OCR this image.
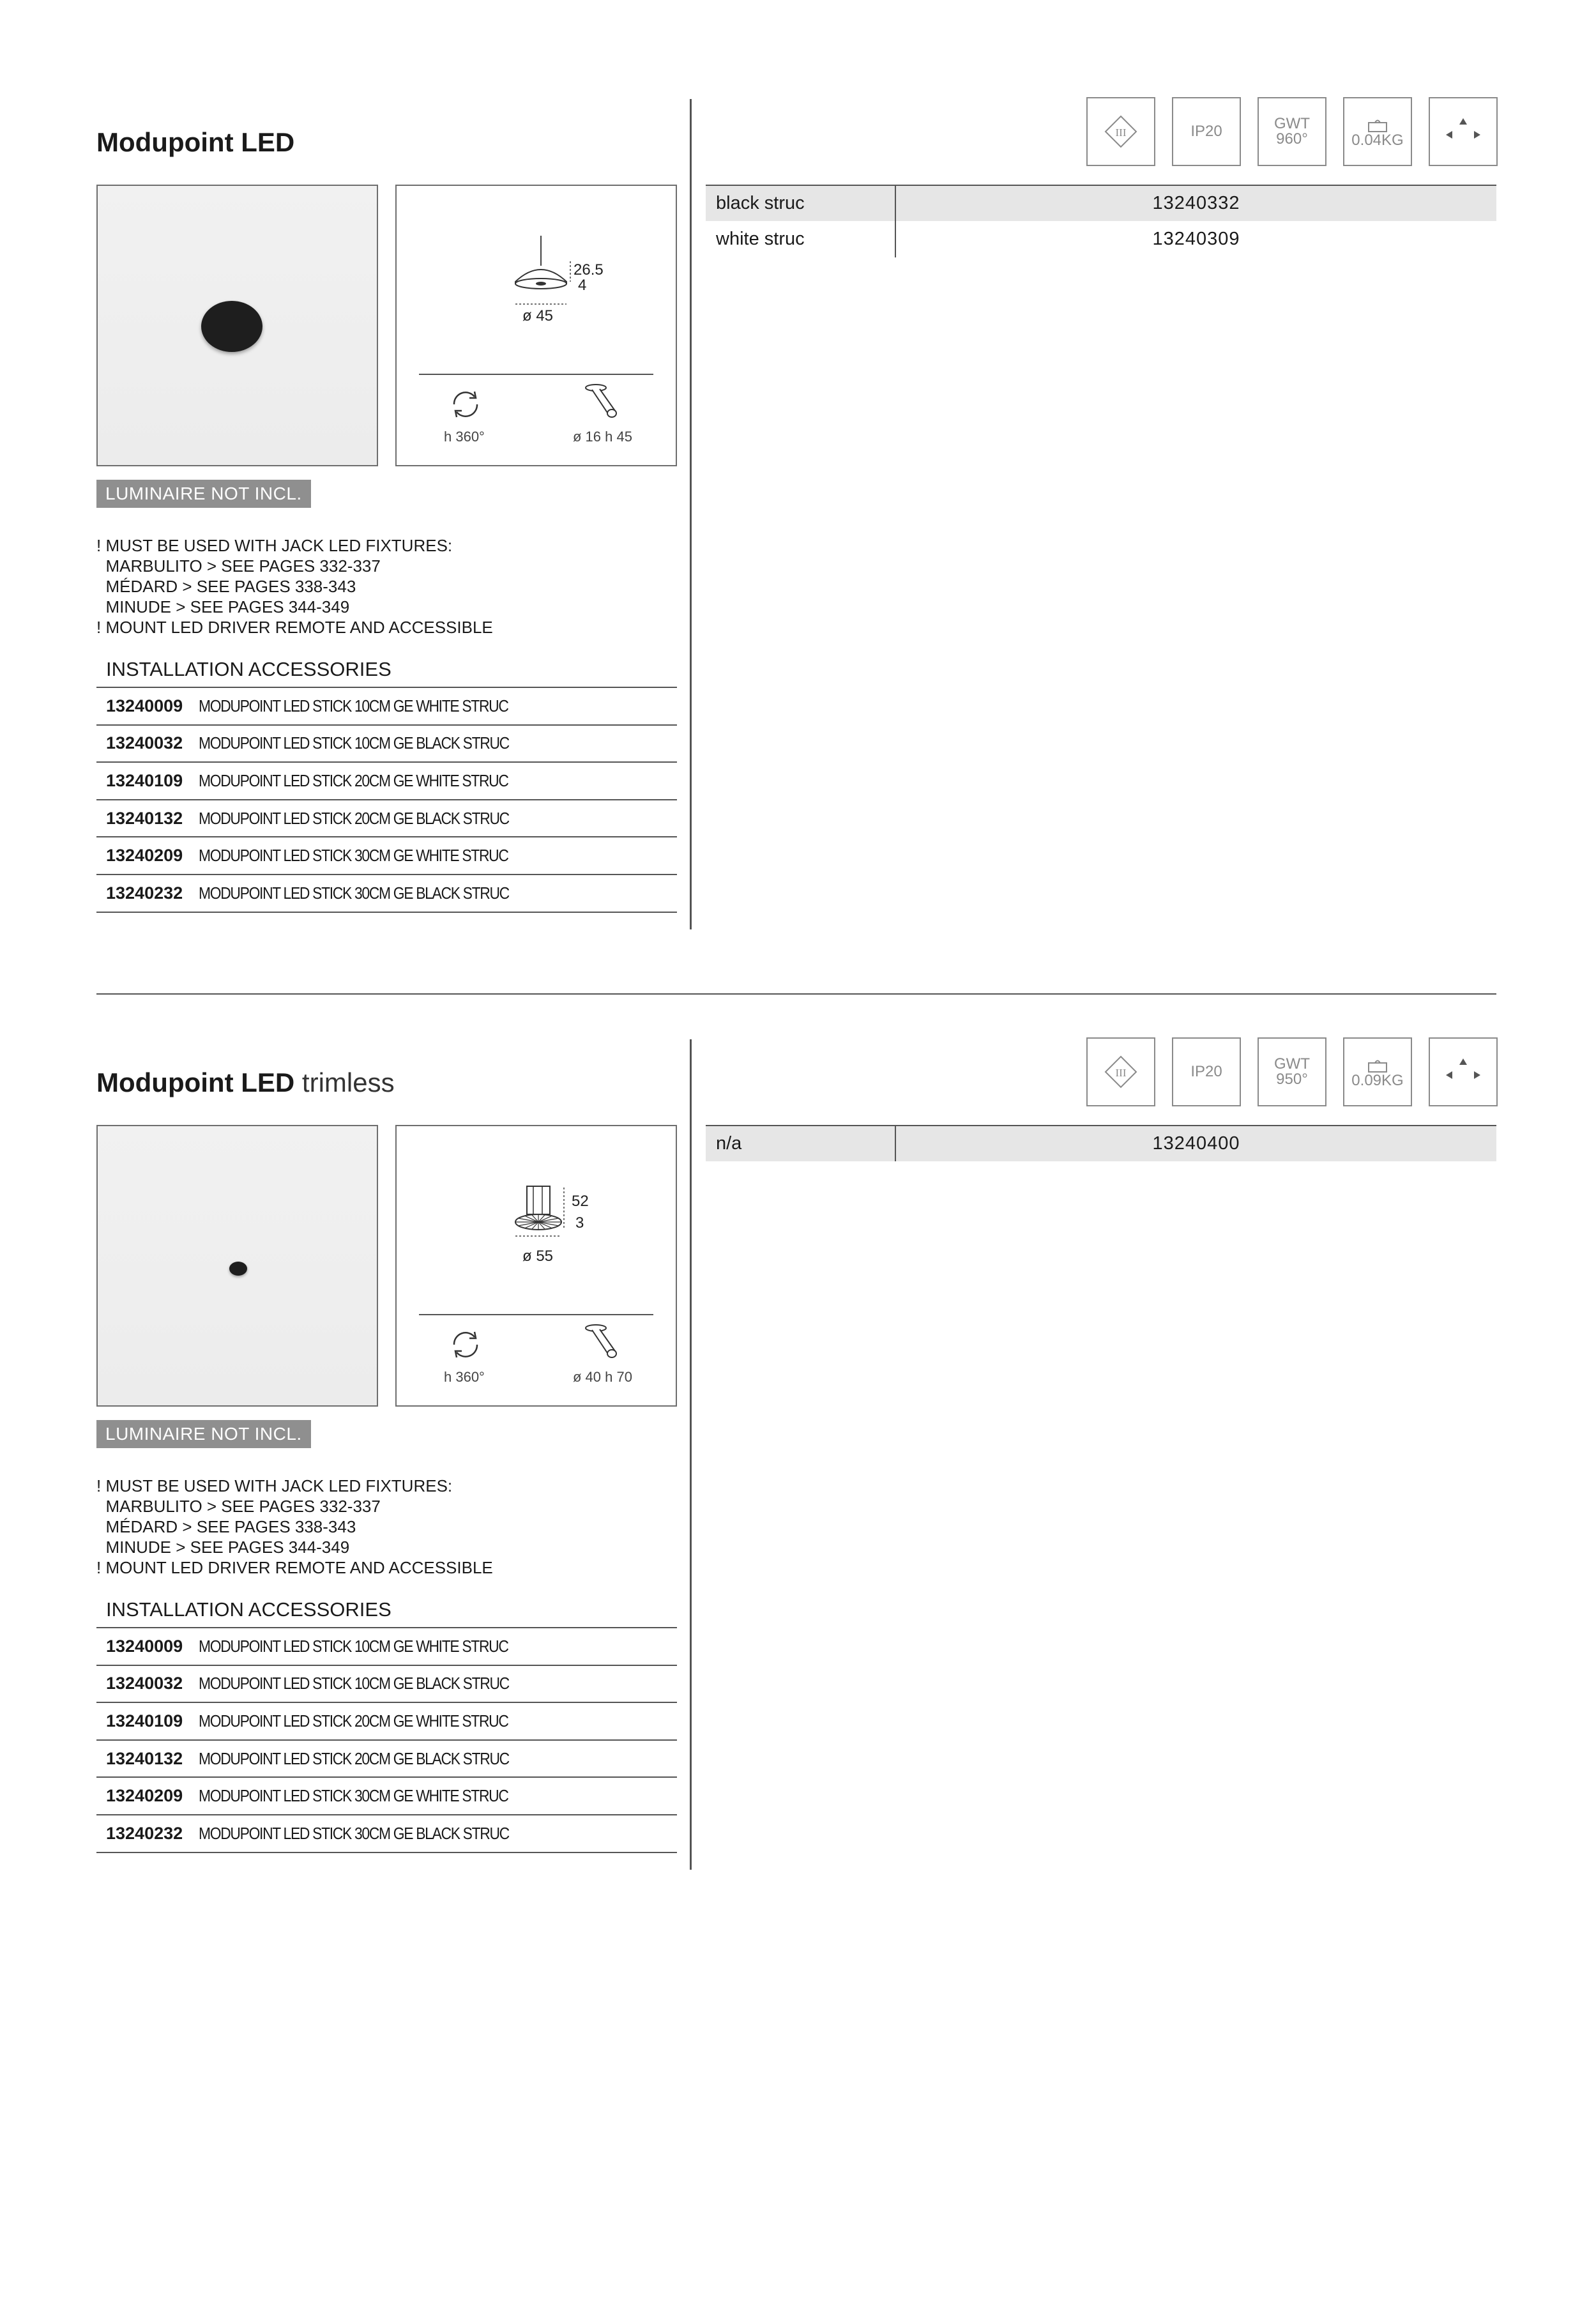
Modupoint LED
26.5
4
ø 45
h 360°	ø 16 h 45
LUMINAIRE NOT INCL.
! MUST BE USED WITH JACK LED FIXTURES:
MARBULITO > SEE PAGES 332-337
MÉDARD > SEE PAGES 338-343
MINUDE > SEE PAGES 344-349
! MOUNT LED DRIVER REMOTE AND ACCESSIBLE
INSTALLATION ACCESSORIES
13240009 MODUPOINT LED STICK 10CM GE WHITE STRUC
13240032 MODUPOINT LED STICK 10CM GE BLACK STRUC
13240109 MODUPOINT LED STICK 20CM GE WHITE STRUC
13240132 MODUPOINT LED STICK 20CM GE BLACK STRUC
13240209 MODUPOINT LED STICK 30CM GE WHITE STRUC
13240232 MODUPOINT LED STICK 30CM GE BLACK STRUC
III	IP20	GWT
960°	0.04KG
black struc	13240332
white struc	13240309
Modupoint LED trimless
52
3
ø 55
h 360°	ø 40 h 70
LUMINAIRE NOT INCL.
! MUST BE USED WITH JACK LED FIXTURES:
MARBULITO > SEE PAGES 332-337
MÉDARD > SEE PAGES 338-343
MINUDE > SEE PAGES 344-349
! MOUNT LED DRIVER REMOTE AND ACCESSIBLE
INSTALLATION ACCESSORIES
13240009 MODUPOINT LED STICK 10CM GE WHITE STRUC
13240032 MODUPOINT LED STICK 10CM GE BLACK STRUC
13240109 MODUPOINT LED STICK 20CM GE WHITE STRUC
13240132 MODUPOINT LED STICK 20CM GE BLACK STRUC
13240209 MODUPOINT LED STICK 30CM GE WHITE STRUC
13240232 MODUPOINT LED STICK 30CM GE BLACK STRUC
III	IP20	GWT
950°	0.09KG
n/a	13240400
